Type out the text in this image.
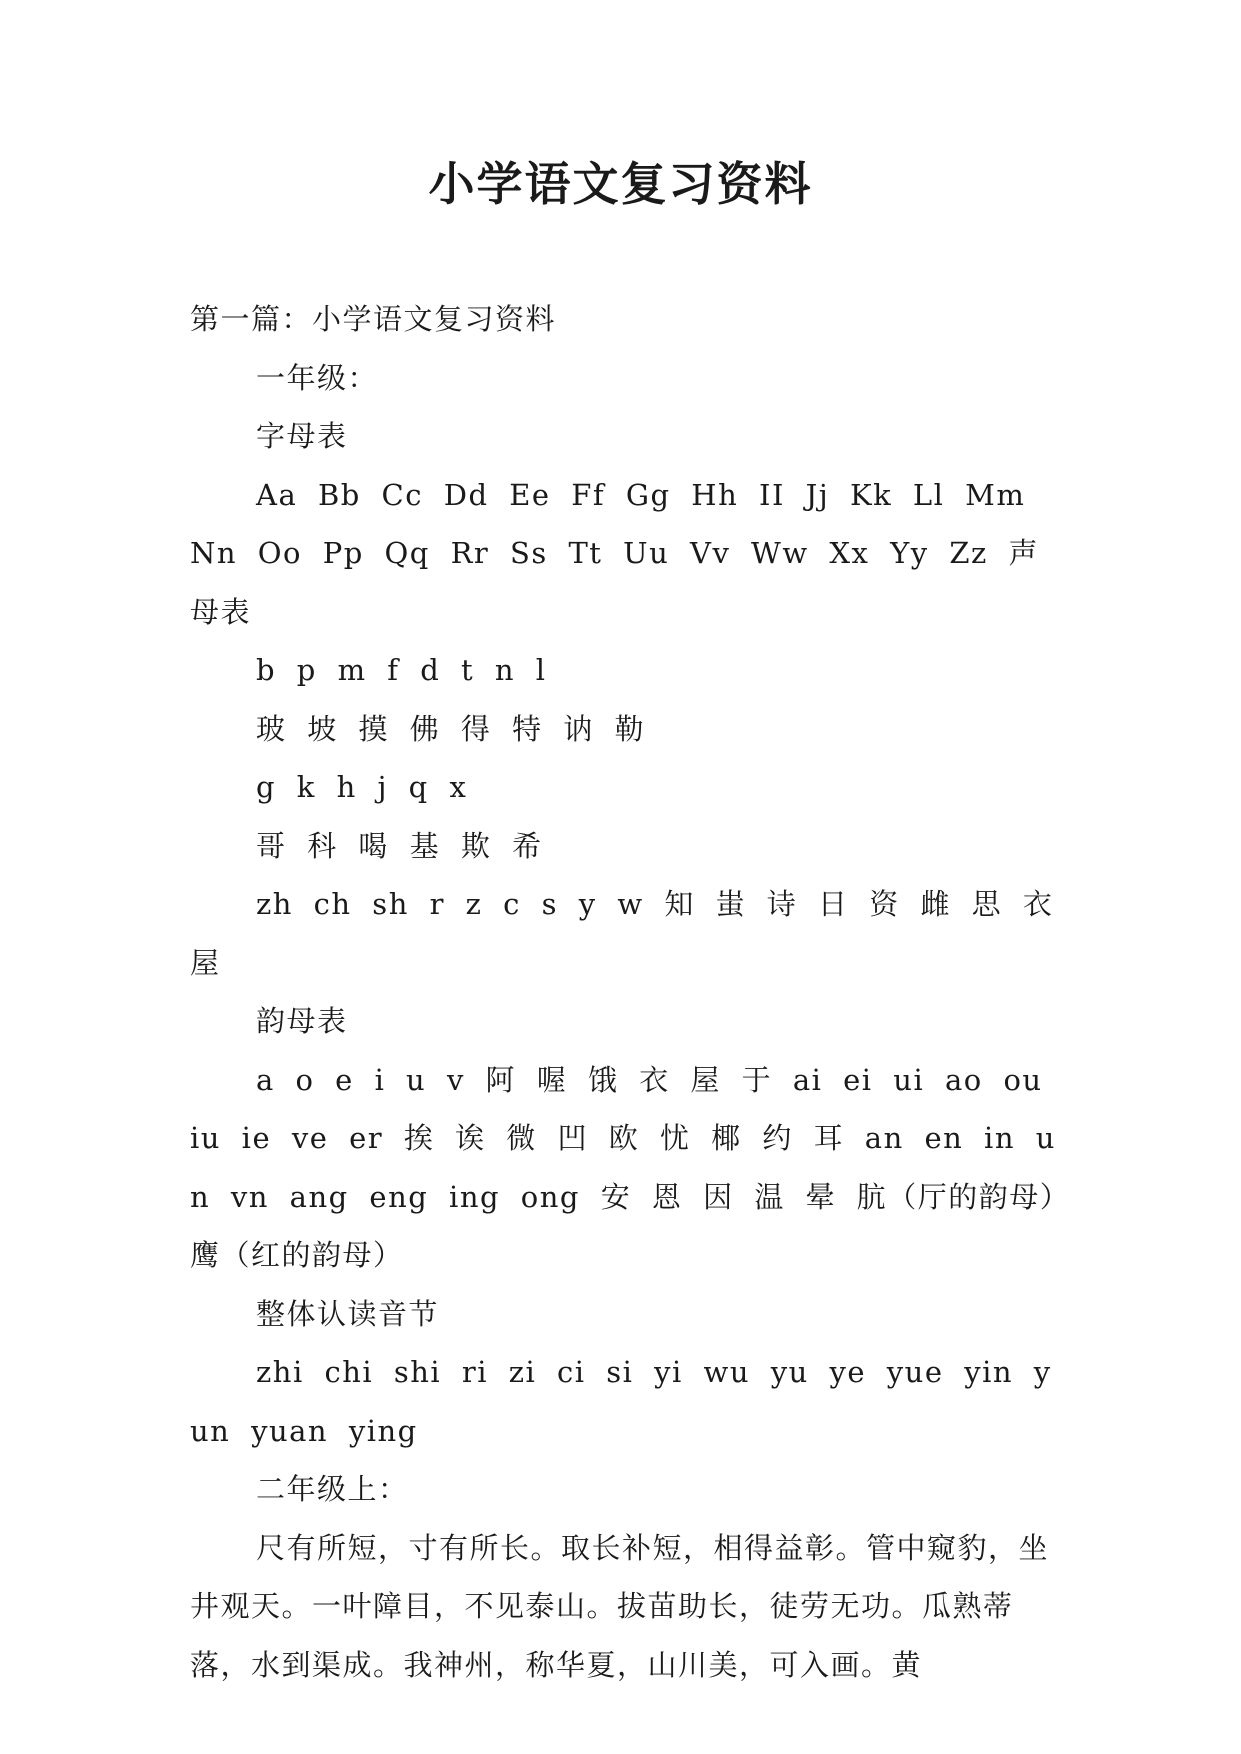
小学语文复习资料

第一篇：小学语文复习资料

一年级：

字母表

Aa Bb Cc Dd Ee Ff Gg Hh II Jj Kk Ll Mm Nn Oo Pp Qq Rr Ss Tt Uu Vv Ww Xx Yy Zz 声母表

b p m f d t n l

玻 坡 摸 佛 得 特 讷 勒

g k h j q x

哥 科 喝 基 欺 希

zh ch sh r z c s y w 知 蚩 诗 日 资 雌 思 衣 屋

韵母表

a o e i u v 阿 喔 饿 衣 屋 于 ai ei ui ao ou iu ie ve er 挨 诶 微 凹 欧 忧 椰 约 耳 an en in un vn ang eng ing ong 安 恩 因 温 晕 肮（厅的韵母）鹰（红的韵母）

整体认读音节

zhi chi shi ri zi ci si yi wu yu ye yue yin yun yuan ying

二年级上：

尺有所短，寸有所长。取长补短，相得益彰。管中窥豹，坐井观天。一叶障目，不见泰山。拔苗助长，徒劳无功。瓜熟蒂落，水到渠成。我神州，称华夏，山川美，可入画。黄
